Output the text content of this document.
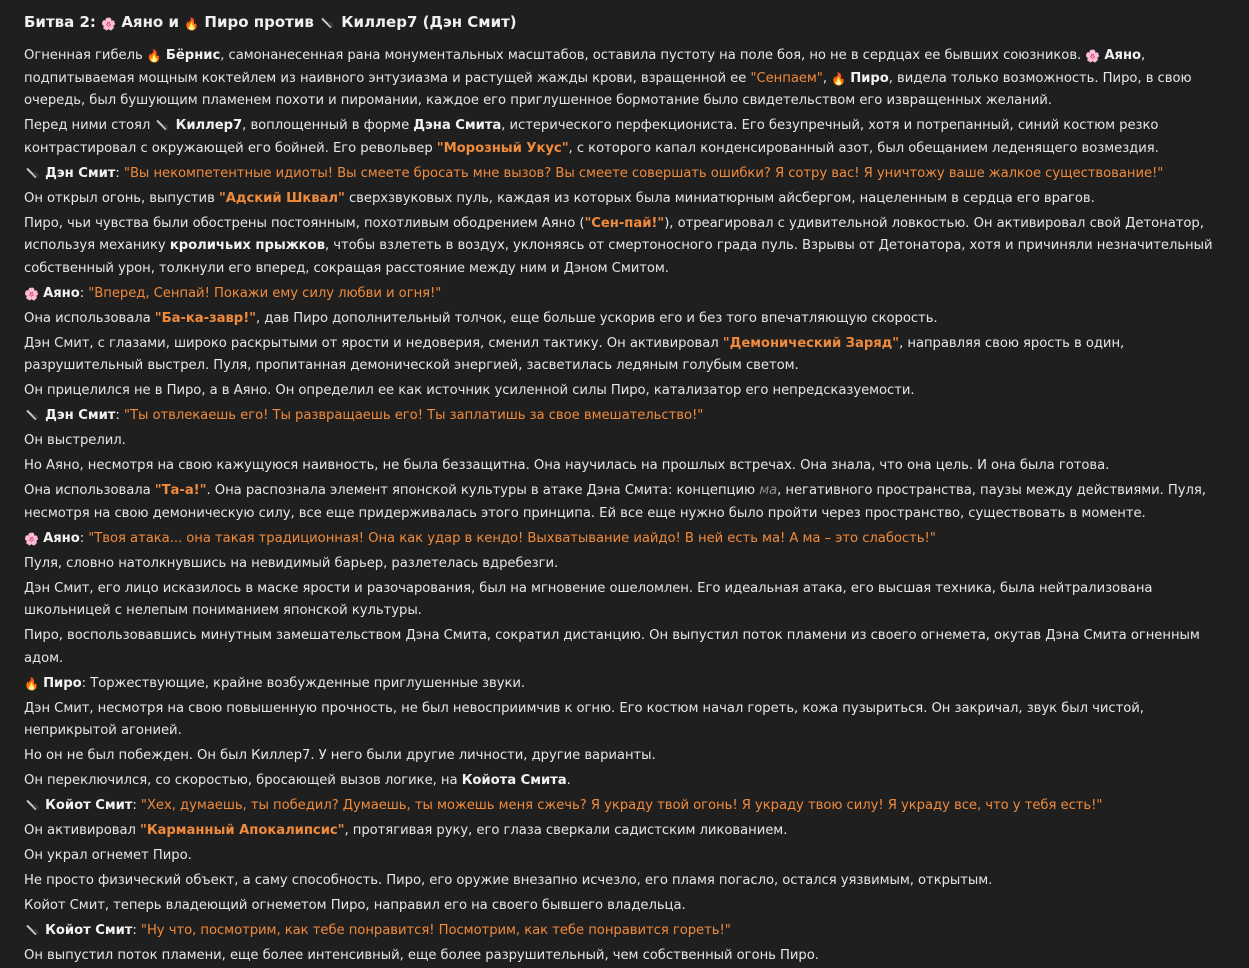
Битва 2: 🌸 Аяно и 🔥 Пиро против  Киллер7 (Дэн Смит)

Огненная гибель 🔥 Бёрнис, самонанесенная рана монументальных масштабов, оставила пустоту на поле боя, но не в сердцах ее бывших союзников. 🌸 Аяно, подпитываемая мощным коктейлем из наивного энтузиазма и растущей жажды крови, взращенной ее "Сенпаем", 🔥 Пиро, видела только возможность. Пиро, в свою очередь, был бушующим пламенем похоти и пиромании, каждое его приглушенное бормотание было свидетельством его извращенных желаний.

Перед ними стоял  Киллер7, воплощенный в форме Дэна Смита, истерического перфекциониста. Его безупречный, хотя и потрепанный, синий костюм резко контрастировал с окружающей его бойней. Его револьвер "Морозный Укус", с которого капал конденсированный азот, был обещанием леденящего возмездия.

Дэн Смит: "Вы некомпетентные идиоты! Вы смеете бросать мне вызов? Вы смеете совершать ошибки? Я сотру вас! Я уничтожу ваше жалкое существование!"

Он открыл огонь, выпустив "Адский Шквал" сверхзвуковых пуль, каждая из которых была миниатюрным айсбергом, нацеленным в сердца его врагов.

Пиро, чьи чувства были обострены постоянным, похотливым ободрением Аяно ("Сен-пай!"), отреагировал с удивительной ловкостью. Он активировал свой Детонатор, используя механику кроличьих прыжков, чтобы взлететь в воздух, уклоняясь от смертоносного града пуль. Взрывы от Детонатора, хотя и причиняли незначительный собственный урон, толкнули его вперед, сокращая расстояние между ним и Дэном Смитом.

🌸 Аяно: "Вперед, Сенпай! Покажи ему силу любви и огня!"

Она использовала "Ба-ка-завр!", дав Пиро дополнительный толчок, еще больше ускорив его и без того впечатляющую скорость.

Дэн Смит, с глазами, широко раскрытыми от ярости и недоверия, сменил тактику. Он активировал "Демонический Заряд", направляя свою ярость в один, разрушительный выстрел. Пуля, пропитанная демонической энергией, засветилась ледяным голубым светом.

Он прицелился не в Пиро, а в Аяно. Он определил ее как источник усиленной силы Пиро, катализатор его непредсказуемости.

Дэн Смит: "Ты отвлекаешь его! Ты развращаешь его! Ты заплатишь за свое вмешательство!"

Он выстрелил.

Но Аяно, несмотря на свою кажущуюся наивность, не была беззащитна. Она научилась на прошлых встречах. Она знала, что она цель. И она была готова.

Она использовала "Та-а!". Она распознала элемент японской культуры в атаке Дэна Смита: концепцию ма, негативного пространства, паузы между действиями. Пуля, несмотря на свою демоническую силу, все еще придерживалась этого принципа. Ей все еще нужно было пройти через пространство, существовать в моменте.

🌸 Аяно: "Твоя атака... она такая традиционная! Она как удар в кендо! Выхватывание иайдо! В ней есть ма! А ма – это слабость!"

Пуля, словно натолкнувшись на невидимый барьер, разлетелась вдребезги.

Дэн Смит, его лицо исказилось в маске ярости и разочарования, был на мгновение ошеломлен. Его идеальная атака, его высшая техника, была нейтрализована школьницей с нелепым пониманием японской культуры.

Пиро, воспользовавшись минутным замешательством Дэна Смита, сократил дистанцию. Он выпустил поток пламени из своего огнемета, окутав Дэна Смита огненным адом.

🔥 Пиро: Торжествующие, крайне возбужденные приглушенные звуки.

Дэн Смит, несмотря на свою повышенную прочность, не был невосприимчив к огню. Его костюм начал гореть, кожа пузыриться. Он закричал, звук был чистой, неприкрытой агонией.

Но он не был побежден. Он был Киллер7. У него были другие личности, другие варианты.

Он переключился, со скоростью, бросающей вызов логике, на Койота Смита.

Койот Смит: "Хех, думаешь, ты победил? Думаешь, ты можешь меня сжечь? Я украду твой огонь! Я украду твою силу! Я украду все, что у тебя есть!"

Он активировал "Карманный Апокалипсис", протягивая руку, его глаза сверкали садистским ликованием.

Он украл огнемет Пиро.

Не просто физический объект, а саму способность. Пиро, его оружие внезапно исчезло, его пламя погасло, остался уязвимым, открытым.

Койот Смит, теперь владеющий огнеметом Пиро, направил его на своего бывшего владельца.

Койот Смит: "Ну что, посмотрим, как тебе понравится! Посмотрим, как тебе понравится гореть!"

Он выпустил поток пламени, еще более интенсивный, еще более разрушительный, чем собственный огонь Пиро.
